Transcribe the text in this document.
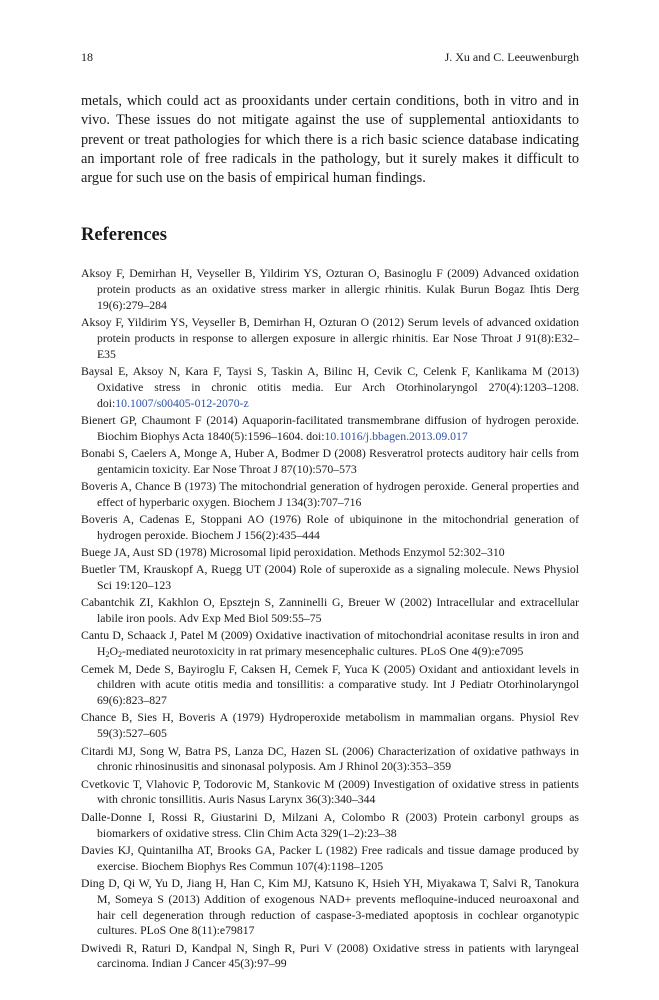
18	J. Xu and C. Leeuwenburgh

metals, which could act as prooxidants under certain conditions, both in vitro and in vivo. These issues do not mitigate against the use of supplemental antioxidants to prevent or treat pathologies for which there is a rich basic science database indicating an important role of free radicals in the pathology, but it surely makes it difficult to argue for such use on the basis of empirical human findings.

References
Aksoy F, Demirhan H, Veyseller B, Yildirim YS, Ozturan O, Basinoglu F (2009) Advanced oxidation protein products as an oxidative stress marker in allergic rhinitis. Kulak Burun Bogaz Ihtis Derg 19(6):279–284
Aksoy F, Yildirim YS, Veyseller B, Demirhan H, Ozturan O (2012) Serum levels of advanced oxidation protein products in response to allergen exposure in allergic rhinitis. Ear Nose Throat J 91(8):E32–E35
Baysal E, Aksoy N, Kara F, Taysi S, Taskin A, Bilinc H, Cevik C, Celenk F, Kanlikama M (2013) Oxidative stress in chronic otitis media. Eur Arch Otorhinolaryngol 270(4):1203–1208. doi:10.1007/s00405-012-2070-z
Bienert GP, Chaumont F (2014) Aquaporin-facilitated transmembrane diffusion of hydrogen peroxide. Biochim Biophys Acta 1840(5):1596–1604. doi:10.1016/j.bbagen.2013.09.017
Bonabi S, Caelers A, Monge A, Huber A, Bodmer D (2008) Resveratrol protects auditory hair cells from gentamicin toxicity. Ear Nose Throat J 87(10):570–573
Boveris A, Chance B (1973) The mitochondrial generation of hydrogen peroxide. General properties and effect of hyperbaric oxygen. Biochem J 134(3):707–716
Boveris A, Cadenas E, Stoppani AO (1976) Role of ubiquinone in the mitochondrial generation of hydrogen peroxide. Biochem J 156(2):435–444
Buege JA, Aust SD (1978) Microsomal lipid peroxidation. Methods Enzymol 52:302–310
Buetler TM, Krauskopf A, Ruegg UT (2004) Role of superoxide as a signaling molecule. News Physiol Sci 19:120–123
Cabantchik ZI, Kakhlon O, Epsztejn S, Zanninelli G, Breuer W (2002) Intracellular and extracellular labile iron pools. Adv Exp Med Biol 509:55–75
Cantu D, Schaack J, Patel M (2009) Oxidative inactivation of mitochondrial aconitase results in iron and $H_2O_2$-mediated neurotoxicity in rat primary mesencephalic cultures. PLoS One 4(9):e7095
Cemek M, Dede S, Bayiroglu F, Caksen H, Cemek F, Yuca K (2005) Oxidant and antioxidant levels in children with acute otitis media and tonsillitis: a comparative study. Int J Pediatr Otorhinolaryngol 69(6):823–827
Chance B, Sies H, Boveris A (1979) Hydroperoxide metabolism in mammalian organs. Physiol Rev 59(3):527–605
Citardi MJ, Song W, Batra PS, Lanza DC, Hazen SL (2006) Characterization of oxidative pathways in chronic rhinosinusitis and sinonasal polyposis. Am J Rhinol 20(3):353–359
Cvetkovic T, Vlahovic P, Todorovic M, Stankovic M (2009) Investigation of oxidative stress in patients with chronic tonsillitis. Auris Nasus Larynx 36(3):340–344
Dalle-Donne I, Rossi R, Giustarini D, Milzani A, Colombo R (2003) Protein carbonyl groups as biomarkers of oxidative stress. Clin Chim Acta 329(1–2):23–38
Davies KJ, Quintanilha AT, Brooks GA, Packer L (1982) Free radicals and tissue damage produced by exercise. Biochem Biophys Res Commun 107(4):1198–1205
Ding D, Qi W, Yu D, Jiang H, Han C, Kim MJ, Katsuno K, Hsieh YH, Miyakawa T, Salvi R, Tanokura M, Someya S (2013) Addition of exogenous NAD+ prevents mefloquine-induced neuroaxonal and hair cell degeneration through reduction of caspase-3-mediated apoptosis in cochlear organotypic cultures. PLoS One 8(11):e79817
Dwivedi R, Raturi D, Kandpal N, Singh R, Puri V (2008) Oxidative stress in patients with laryngeal carcinoma. Indian J Cancer 45(3):97–99
